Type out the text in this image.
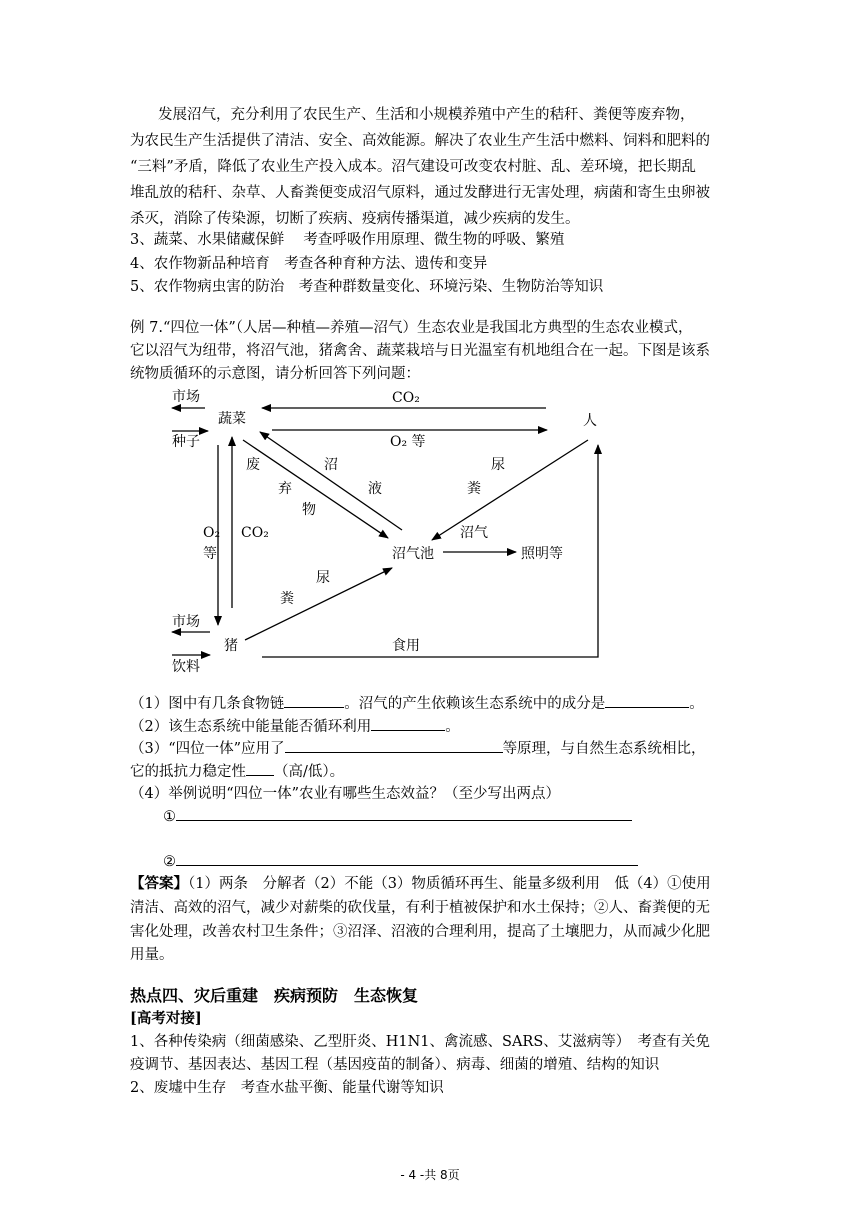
发展沼气，充分利用了农民生产、生活和小规模养殖中产生的秸秆、粪便等废弃物，
为农民生产生活提供了清洁、安全、高效能源。解决了农业生产生活中燃料、饲料和肥料的
“三料”矛盾，降低了农业生产投入成本。沼气建设可改变农村脏、乱、差环境，把长期乱
堆乱放的秸秆、杂草、人畜粪便变成沼气原料，通过发酵进行无害处理，病菌和寄生虫卵被
杀灭，消除了传染源，切断了疾病、疫病传播渠道，减少疾病的发生。
3、蔬菜、水果储藏保鲜　 考查呼吸作用原理、微生物的呼吸、繁殖
4、农作物新品种培育　考查各种育种方法、遗传和变异
5、农作物病虫害的防治　考查种群数量变化、环境污染、生物防治等知识
例 7.“四位一体”（人居—种植—养殖—沼气）生态农业是我国北方典型的生态农业模式，
它以沼气为纽带，将沼气池，猪禽舍、蔬菜栽培与日光温室有机地组合在一起。下图是该系
统物质循环的示意图，请分析回答下列问题：
市场
种子
蔬菜
CO₂
O₂ 等
人
废
弃
物
沼
液
尿
粪
O₂
等
CO₂	沼气
沼气池	照明等
尿
粪
市场
猪
饮料
食用
（1）图中有几条食物链	。沼气的产生依赖该生态系统中的成分是	。
（2）该生态系统中能量能否循环利用	。
（3）“四位一体”应用了	等原理，与自然生态系统相比，
它的抵抗力稳定性 （高/低）。
（4）举例说明“四位一体”农业有哪些生态效益？（至少写出两点）
①
②
【答案】（1）两条　分解者（2）不能（3）物质循环再生、能量多级利用　低（4）①使用
清洁、高效的沼气，减少对薪柴的砍伐量，有利于植被保护和水土保持；②人、畜粪便的无
害化处理，改善农村卫生条件；③沼泽、沼液的合理利用，提高了土壤肥力，从而减少化肥
用量。
热点四、灾后重建　疾病预防　生态恢复
[高考对接]
1、各种传染病（细菌感染、乙型肝炎、H1N1、禽流感、SARS、艾滋病等）　考查有关免
疫调节、基因表达、基因工程（基因疫苗的制备）、病毒、细菌的增殖、结构的知识
2、废墟中生存　考查水盐平衡、能量代谢等知识
- 4 -共 8页
